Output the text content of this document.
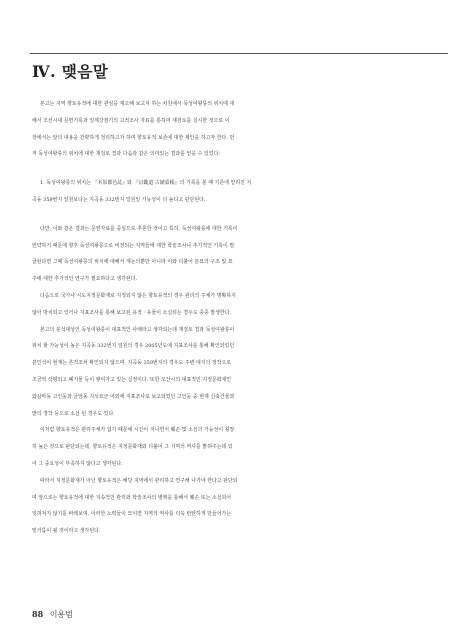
Ⅳ. 맺음말
본고는 지역 향토유적에 대한 관심을 제고해 보고자 하는 차원에서 독성여왕릉의 위치에 대
해서 조선시대 문헌기록과 일제강점기의 고적조사 자료를 통하여 재검토를 실시한 것으로 이
장에서는 앞의 내용을 간략하게 정리하고자 하며 향토유적 보존에 대한 제안을 하고자 한다. 먼
저 독성여왕릉의 위치에 대한 재검토 결과 다음과 같은 의미있는 결과를 얻을 수 있었다.
1. 독성여왕릉의 위치는 『本原郡邑誌』와 『京畿道 古蹟臺帳』의 기록을 볼 때 기존에 알려진 지
곡동 359번지 일원보다는 지곡동 332번지 일원일 가능성이 더 높다고 판단된다.
다만, 이와 같은 결과는 문헌자료를 중심으로 추론한 것이고 특히, 독성여왕릉에 대한 기록이
빈약하기 때문에 향후 독성여왕릉으로 비정되는 지역들에 대한 학술조사나 추가적인 기록이 발
굴된다면 그때 독성여왕릉의 위치에 대해서 재논의뿐만 아니라 이와 더불어 분묘의 구조 및 묘
주에 대한 추가적인 연구가 필요하다고 생각된다.
다음으로 국가나 시도지정문화재로 지정되지 않은 향토유적의 경우 관리의 주체가 명확하지
않아 방치되고 있거나 지표조사를 통해 보고된 유적ㆍ유물이 소실되는 경우도 종종 발생한다.
본고의 분석대상인 독성여왕릉이 대표적인 사례라고 생각되는데 재검토 결과 독성여왕릉이
위치 할 가능성이 높은 지곡동 332번지 일원의 경우 2005년도에 지표조사를 통해 확인되었던
분인석이 현재는 흔적조차 확인되지 않으며, 지곡동 359번지의 경우도 주변 대지의 정작으로
조금씩 삭평되고 폐기물 등이 쌓여가고 있는 실정이다. 또한 오산시의 대표적인 지정문화재인
와삼마동 고인돌과 금암동 지석묘군 이외에 지표조사로 보고되었던 고인돌 중 현재 신축건물과
밭의 경작 등으로 소실 된 경우도 있다.
이처럼 향토유적은 관리주체가 없기 때문에 시간이 지나면서 훼손 및 소실의 가능성이 굉장
히 높은 것으로 판단되는데, 향토유적은 지정문화재와 더불어 그 지역의 역사를 밝혀주는데 있
어 그 중요성이 부족하지 않다고 생각된다.
따라서 지정문화재가 아닌 향토유적은 해당 지역에서 관리하고 연구해 나가야 한다고 판단되
며 앞으로는 향토유적에 대한 지속적인 관리와 학술조사의 병행을 통해서 훼손 또는 소실되어
잊혀져지 않기를 바래보며, 이러한 노력들이 모이면 지역의 역사를 더욱 탄탄하게 만들어가는
밑거름이 될 것이라고 생각된다.
88 이용범
